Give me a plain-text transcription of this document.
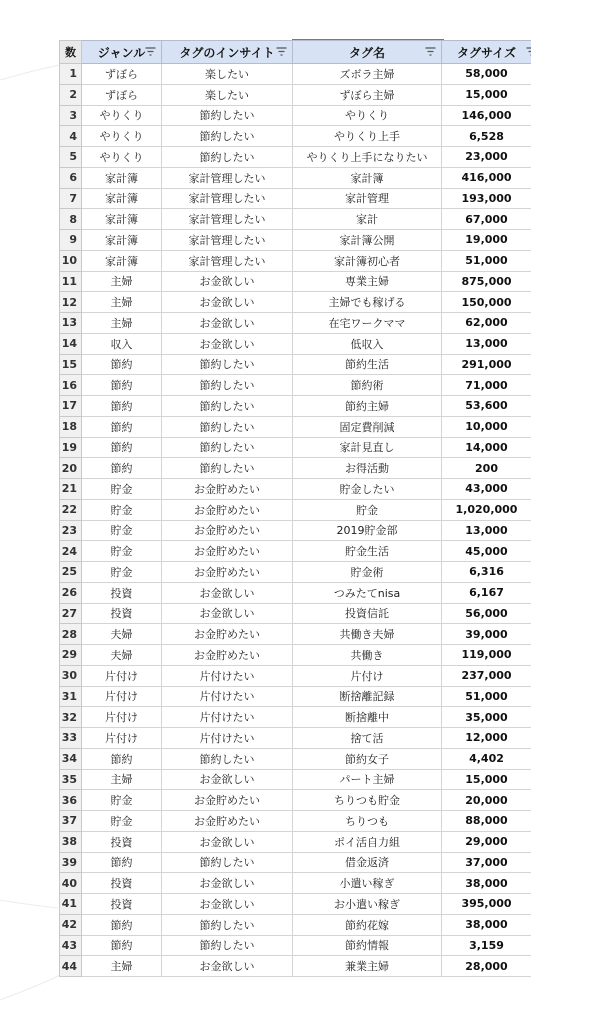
数	ジャンル	タグのインサイト	タグ名	タグサイズ

1	ずぼら	楽したい	ズボラ主婦	58,000
2	ずぼら	楽したい	ずぼら主婦	15,000
3	やりくり	節約したい	やりくり	146,000
4	やりくり	節約したい	やりくり上手	6,528
5	やりくり	節約したい	やりくり上手になりたい	23,000
6	家計簿	家計管理したい	家計簿	416,000
7	家計簿	家計管理したい	家計管理	193,000
8	家計簿	家計管理したい	家計	67,000
9	家計簿	家計管理したい	家計簿公開	19,000
10	家計簿	家計管理したい	家計簿初心者	51,000
11	主婦	お金欲しい	専業主婦	875,000
12	主婦	お金欲しい	主婦でも稼げる	150,000
13	主婦	お金欲しい	在宅ワークママ	62,000
14	収入	お金欲しい	低収入	13,000
15	節約	節約したい	節約生活	291,000
16	節約	節約したい	節約術	71,000
17	節約	節約したい	節約主婦	53,600
18	節約	節約したい	固定費削減	10,000
19	節約	節約したい	家計見直し	14,000
20	節約	節約したい	お得活動	200
21	貯金	お金貯めたい	貯金したい	43,000
22	貯金	お金貯めたい	貯金	1,020,000
23	貯金	お金貯めたい	2019貯金部	13,000
24	貯金	お金貯めたい	貯金生活	45,000
25	貯金	お金貯めたい	貯金術	6,316
26	投資	お金欲しい	つみたてnisa	6,167
27	投資	お金欲しい	投資信託	56,000
28	夫婦	お金貯めたい	共働き夫婦	39,000
29	夫婦	お金貯めたい	共働き	119,000
30	片付け	片付けたい	片付け	237,000
31	片付け	片付けたい	断捨離記録	51,000
32	片付け	片付けたい	断捨離中	35,000
33	片付け	片付けたい	捨て活	12,000
34	節約	節約したい	節約女子	4,402
35	主婦	お金欲しい	パート主婦	15,000
36	貯金	お金貯めたい	ちりつも貯金	20,000
37	貯金	お金貯めたい	ちりつも	88,000
38	投資	お金欲しい	ポイ活自力組	29,000
39	節約	節約したい	借金返済	37,000
40	投資	お金欲しい	小遣い稼ぎ	38,000
41	投資	お金欲しい	お小遣い稼ぎ	395,000
42	節約	節約したい	節約花嫁	38,000
43	節約	節約したい	節約情報	3,159
44	主婦	お金欲しい	兼業主婦	28,000
